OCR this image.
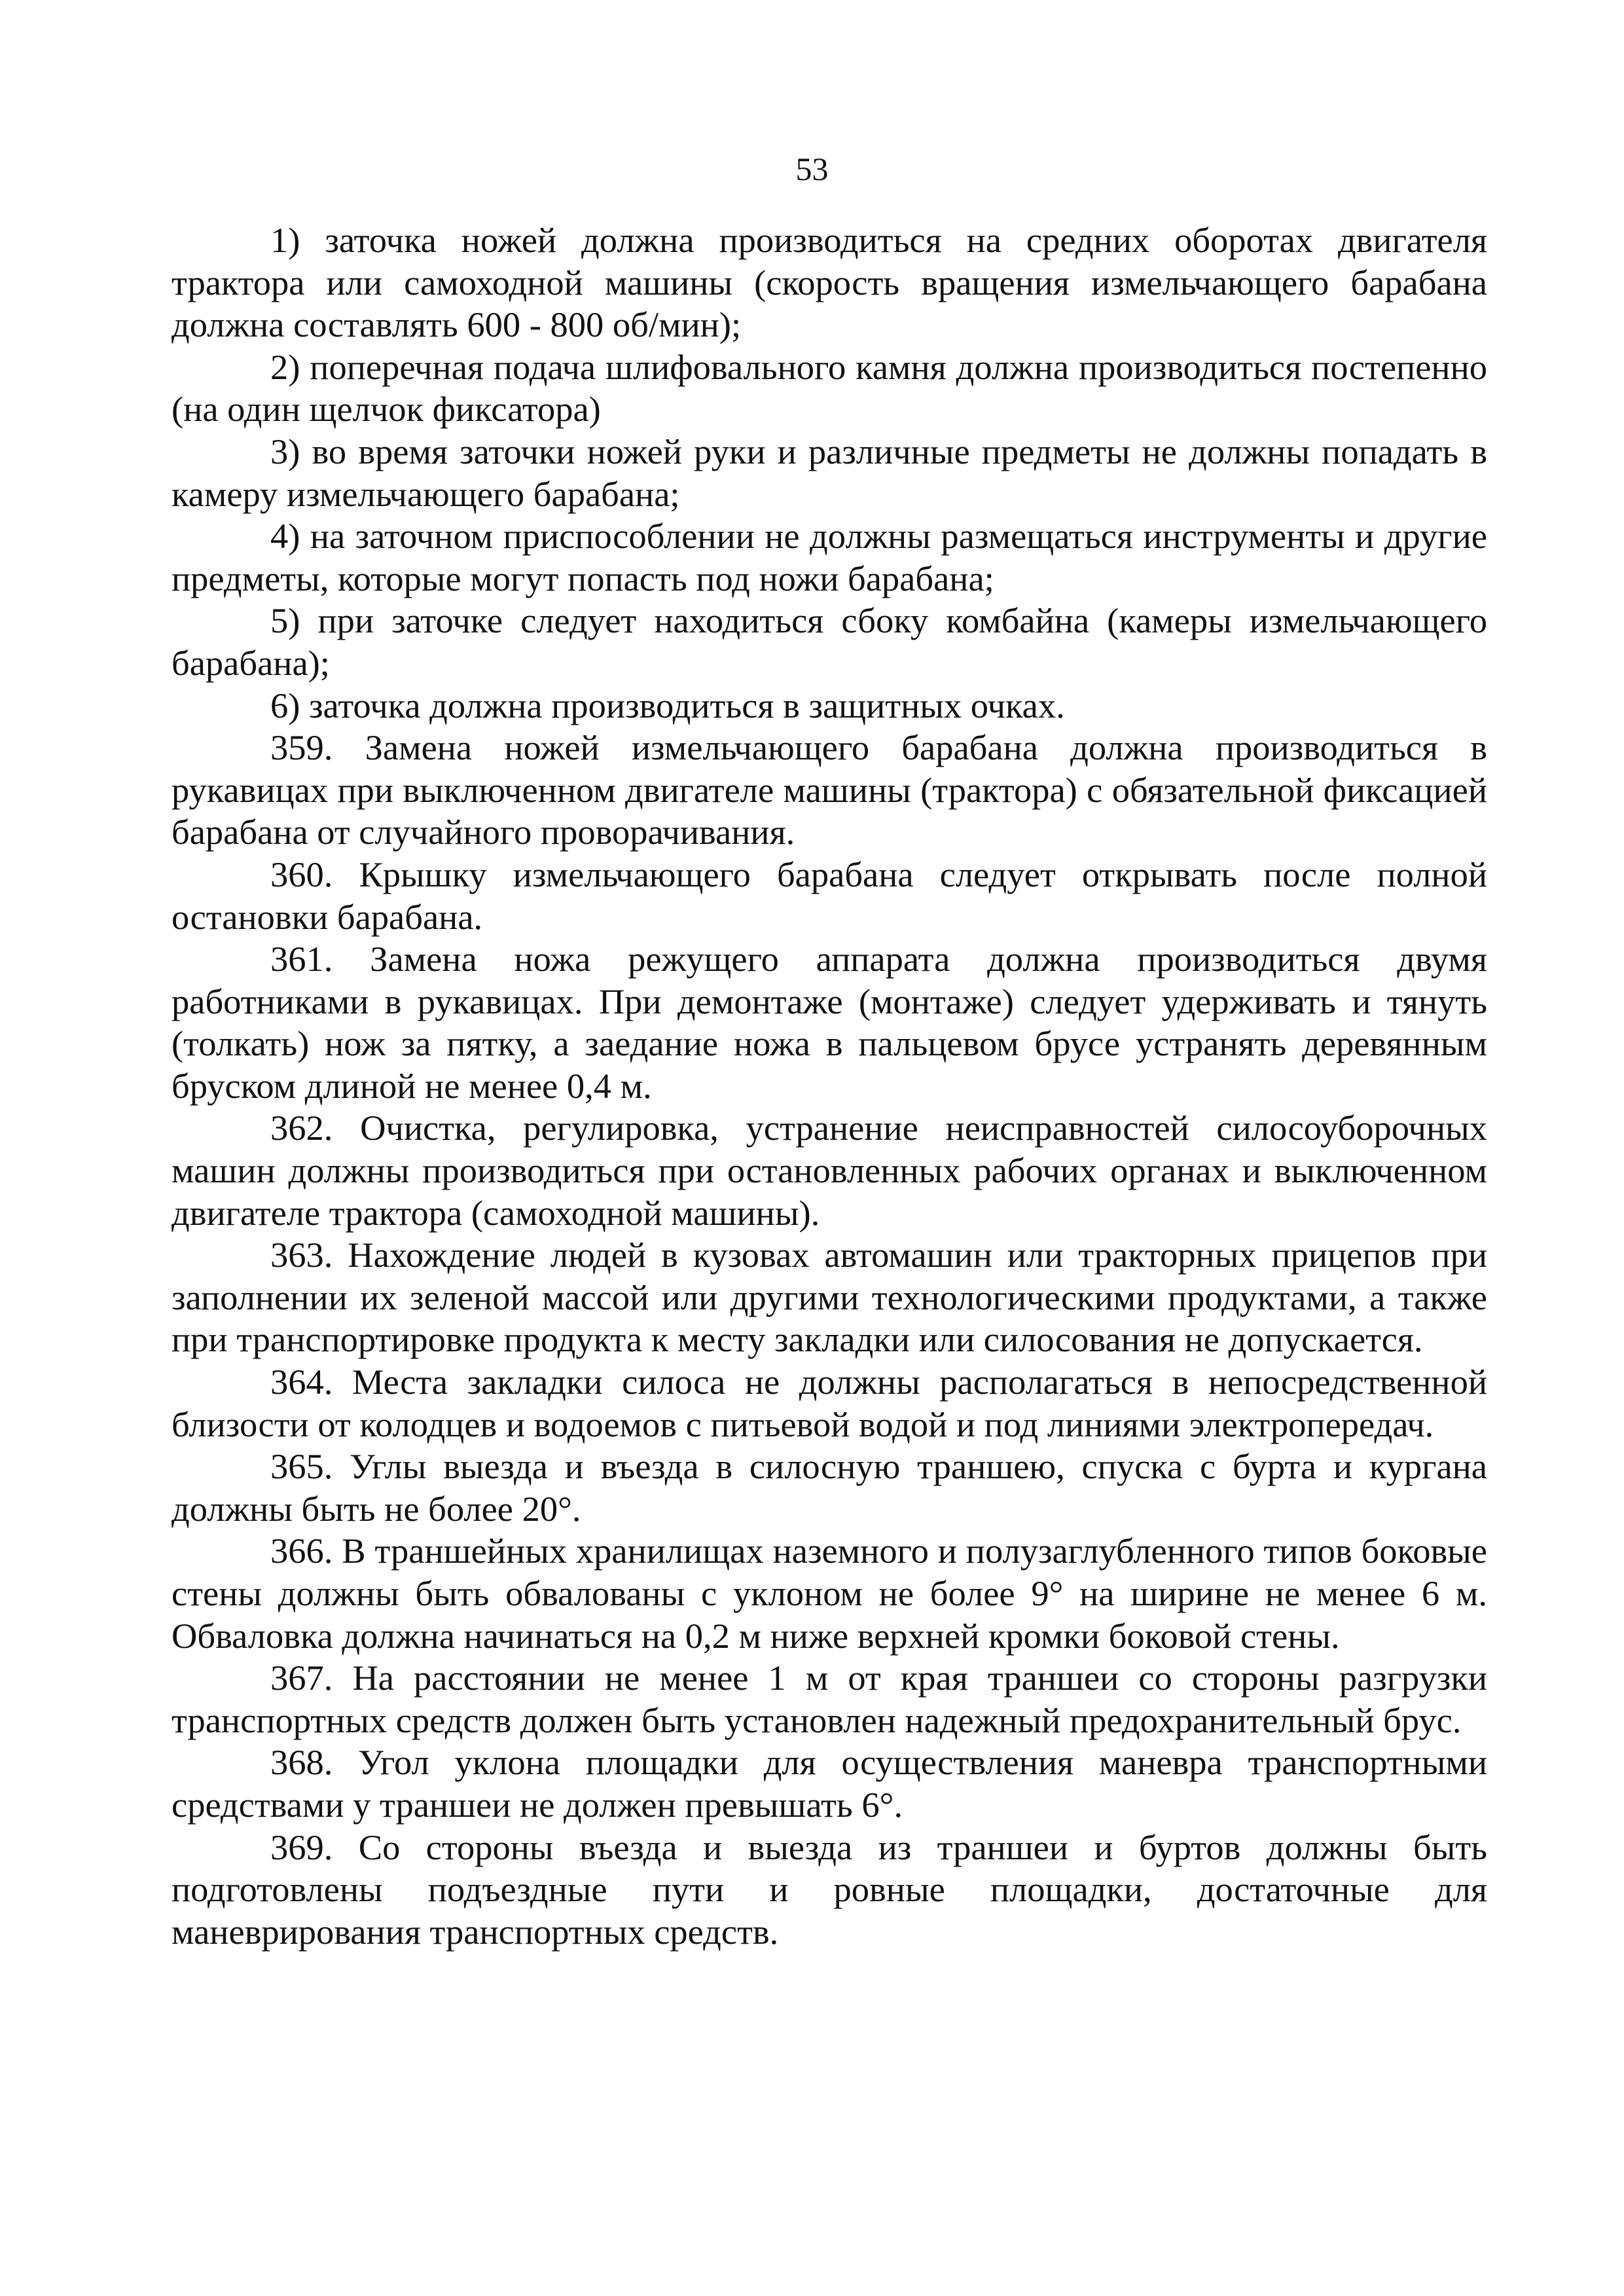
53

1) заточка ножей должна производиться на средних оборотах двигателя трактора или самоходной машины (скорость вращения измельчающего барабана должна составлять 600 - 800 об/мин);

2) поперечная подача шлифовального камня должна производиться постепенно (на один щелчок фиксатора)

3) во время заточки ножей руки и различные предметы не должны попадать в камеру измельчающего барабана;

4) на заточном приспособлении не должны размещаться инструменты и другие предметы, которые могут попасть под ножи барабана;

5) при заточке следует находиться сбоку комбайна (камеры измельчающего барабана);

6) заточка должна производиться в защитных очках.

359. Замена ножей измельчающего барабана должна производиться в рукавицах при выключенном двигателе машины (трактора) с обязательной фиксацией барабана от случайного проворачивания.

360. Крышку измельчающего барабана следует открывать после полной остановки барабана.

361. Замена ножа режущего аппарата должна производиться двумя работниками в рукавицах. При демонтаже (монтаже) следует удерживать и тянуть (толкать) нож за пятку, а заедание ножа в пальцевом брусе устранять деревянным бруском длиной не менее 0,4 м.

362. Очистка, регулировка, устранение неисправностей силосоуборочных машин должны производиться при остановленных рабочих органах и выключенном двигателе трактора (самоходной машины).

363. Нахождение людей в кузовах автомашин или тракторных прицепов при заполнении их зеленой массой или другими технологическими продуктами, а также при транспортировке продукта к месту закладки или силосования не допускается.

364. Места закладки силоса не должны располагаться в непосредственной близости от колодцев и водоемов с питьевой водой и под линиями электропередач.

365. Углы выезда и въезда в силосную траншею, спуска с бурта и кургана должны быть не более 20°.

366. В траншейных хранилищах наземного и полузаглубленного типов боковые стены должны быть обвалованы с уклоном не более 9° на ширине не менее 6 м. Обваловка должна начинаться на 0,2 м ниже верхней кромки боковой стены.

367. На расстоянии не менее 1 м от края траншеи со стороны разгрузки транспортных средств должен быть установлен надежный предохранительный брус.

368. Угол уклона площадки для осуществления маневра транспортными средствами у траншеи не должен превышать 6°.

369. Со стороны въезда и выезда из траншеи и буртов должны быть подготовлены подъездные пути и ровные площадки, достаточные для маневрирования транспортных средств.
